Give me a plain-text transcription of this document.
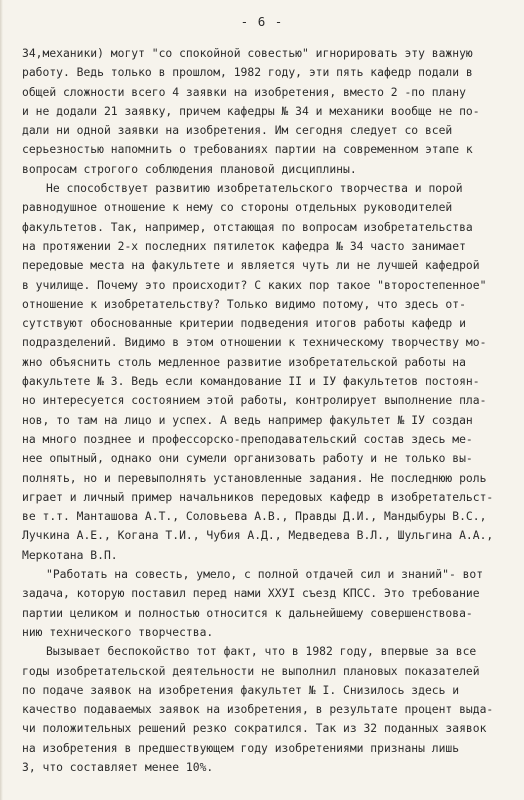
- 6 -
34,механики) могут "со спокойной совестью" игнорировать эту важную
работу. Ведь только в прошлом, 1982 году, эти пять кафедр подали в
общей сложности всего 4 заявки на изобретения, вместо 2 -по плану
и не додали 21 заявку, причем кафедры № 34 и механики вообще не по-
дали ни одной заявки на изобретения. Им сегодня следует со всей
серьезностью напомнить о требованиях партии на современном этапе к
вопросам строгого соблюдения плановой дисциплины.
Не способствует развитию изобретательского творчества и порой
равнодушное отношение к нему со стороны отдельных руководителей
факультетов. Так, например, отстающая по вопросам изобретательства
на протяжении 2-х последних пятилеток кафедра № 34 часто занимает
передовые места на факультете и является чуть ли не лучшей кафедрой
в училище. Почему это происходит? С каких пор такое "второстепенное"
отношение к изобретательству? Только видимо потому, что здесь от-
сутствуют обоснованные критерии подведения итогов работы кафедр и
подразделений. Видимо в этом отношении к техническому творчеству мо-
жно объяснить столь медленное развитие изобретательской работы на
факультете № 3. Ведь если командование II и IУ факультетов постоян-
но интересуется состоянием этой работы, контролирует выполнение пла-
нов, то там на лицо и успех. А ведь например факультет № IУ создан
на много позднее и профессорско-преподавательский состав здесь ме-
нее опытный, однако они сумели организовать работу и не только вы-
полнять, но и перевыполнять установленные задания. Не последнюю роль
играет и личный пример начальников передовых кафедр в изобретательст-
ве т.т. Манташова А.Т., Соловьева А.В., Правды Д.И., Мандыбуры В.С.,
Лучкина А.Е., Когана Т.И., Чубия А.Д., Медведева В.Л., Шульгина А.А.,
Меркотана В.П.
"Работать на совесть, умело, с полной отдачей сил и знаний"- вот
задача, которую поставил перед нами ХХУI съезд КПСС. Это требование
партии целиком и полностью относится к дальнейшему совершенствова-
нию технического творчества.
Вызывает беспокойство тот факт, что в 1982 году, впервые за все
годы изобретательской деятельности не выполнил плановых показателей
по подаче заявок на изобретения факультет № I. Снизилось здесь и
качество подаваемых заявок на изобретения, в результате процент выда-
чи положительных решений резко сократился. Так из 32 поданных заявок
на изобретения в предшествующем году изобретениями признаны лишь
3, что составляет менее 10%.
